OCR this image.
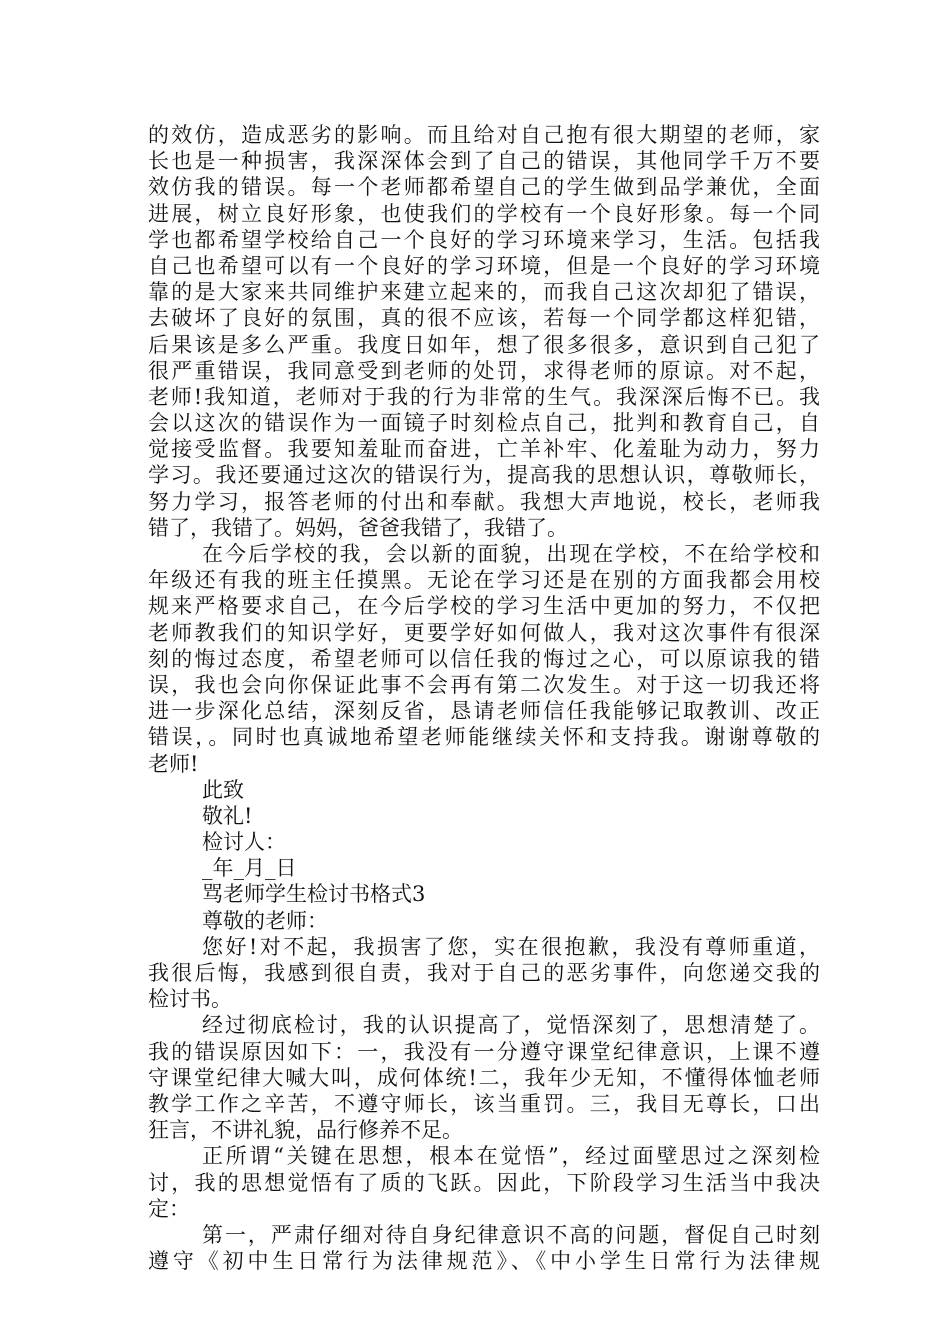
的效仿，造成恶劣的影响。而且给对自己抱有很大期望的老师，家
长也是一种损害，我深深体会到了自己的错误，其他同学千万不要
效仿我的错误。每一个老师都希望自己的学生做到品学兼优，全面
进展，树立良好形象，也使我们的学校有一个良好形象。每一个同
学也都希望学校给自己一个良好的学习环境来学习，生活。包括我
自己也希望可以有一个良好的学习环境，但是一个良好的学习环境
靠的是大家来共同维护来建立起来的，而我自己这次却犯了错误，
去破坏了良好的氛围，真的很不应该，若每一个同学都这样犯错，
后果该是多么严重。我度日如年，想了很多很多，意识到自己犯了
很严重错误，我同意受到老师的处罚，求得老师的原谅。对不起，
老师!我知道，老师对于我的行为非常的生气。我深深后悔不已。我
会以这次的错误作为一面镜子时刻检点自己，批判和教育自己，自
觉接受监督。我要知羞耻而奋进，亡羊补牢、化羞耻为动力，努力
学习。我还要通过这次的错误行为，提高我的思想认识，尊敬师长，
努力学习，报答老师的付出和奉献。我想大声地说，校长，老师我
错了，我错了。妈妈，爸爸我错了，我错了。
在今后学校的我，会以新的面貌，出现在学校，不在给学校和
年级还有我的班主任摸黑。无论在学习还是在别的方面我都会用校
规来严格要求自己，在今后学校的学习生活中更加的努力，不仅把
老师教我们的知识学好，更要学好如何做人，我对这次事件有很深
刻的悔过态度，希望老师可以信任我的悔过之心，可以原谅我的错
误，我也会向你保证此事不会再有第二次发生。对于这一切我还将
进一步深化总结，深刻反省，恳请老师信任我能够记取教训、改正
错误，。同时也真诚地希望老师能继续关怀和支持我。谢谢尊敬的
老师!
此致
敬礼!
检讨人：
_年_月_日
骂老师学生检讨书格式3
尊敬的老师：
您好!对不起，我损害了您，实在很抱歉，我没有尊师重道，
我很后悔，我感到很自责，我对于自己的恶劣事件，向您递交我的
检讨书。
经过彻底检讨，我的认识提高了，觉悟深刻了，思想清楚了。
我的错误原因如下：一，我没有一分遵守课堂纪律意识，上课不遵
守课堂纪律大喊大叫，成何体统!二，我年少无知，不懂得体恤老师
教学工作之辛苦，不遵守师长，该当重罚。三，我目无尊长，口出
狂言，不讲礼貌，品行修养不足。
正所谓“关键在思想，根本在觉悟”，经过面壁思过之深刻检
讨，我的思想觉悟有了质的飞跃。因此，下阶段学习生活当中我决
定：
第一，严肃仔细对待自身纪律意识不高的问题，督促自己时刻
遵守《初中生日常行为法律规范》、《中小学生日常行为法律规
